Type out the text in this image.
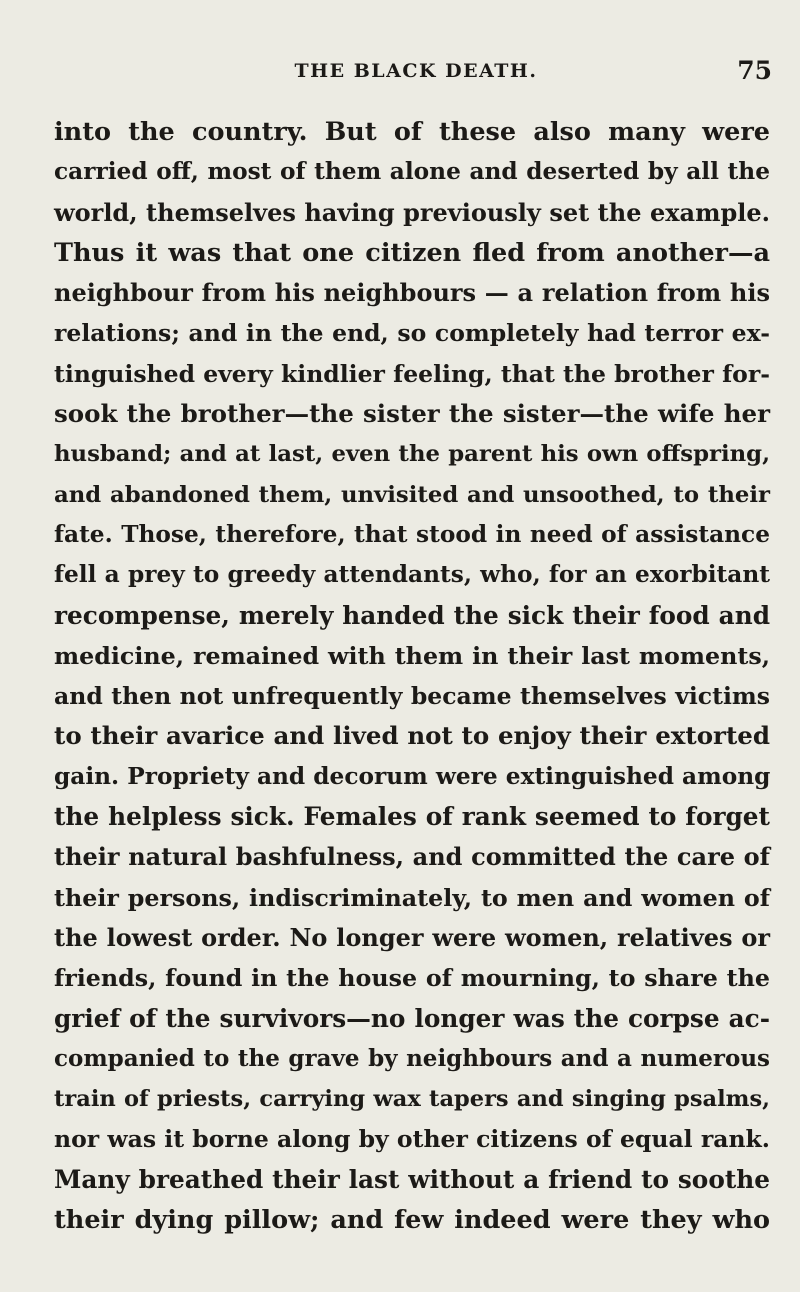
THE BLACK DEATH.	75
into the country. But of these also many were
carried off, most of them alone and deserted by all the
world, themselves having previously set the example.
Thus it was that one citizen fled from another—a
neighbour from his neighbours — a relation from his
relations; and in the end, so completely had terror ex-
tinguished every kindlier feeling, that the brother for-
sook the brother—the sister the sister—the wife her
husband; and at last, even the parent his own offspring,
and abandoned them, unvisited and unsoothed, to their
fate. Those, therefore, that stood in need of assistance
fell a prey to greedy attendants, who, for an exorbitant
recompense, merely handed the sick their food and
medicine, remained with them in their last moments,
and then not unfrequently became themselves victims
to their avarice and lived not to enjoy their extorted
gain. Propriety and decorum were extinguished among
the helpless sick. Females of rank seemed to forget
their natural bashfulness, and committed the care of
their persons, indiscriminately, to men and women of
the lowest order. No longer were women, relatives or
friends, found in the house of mourning, to share the
grief of the survivors—no longer was the corpse ac-
companied to the grave by neighbours and a numerous
train of priests, carrying wax tapers and singing psalms,
nor was it borne along by other citizens of equal rank.
Many breathed their last without a friend to soothe
their dying pillow; and few indeed were they who
